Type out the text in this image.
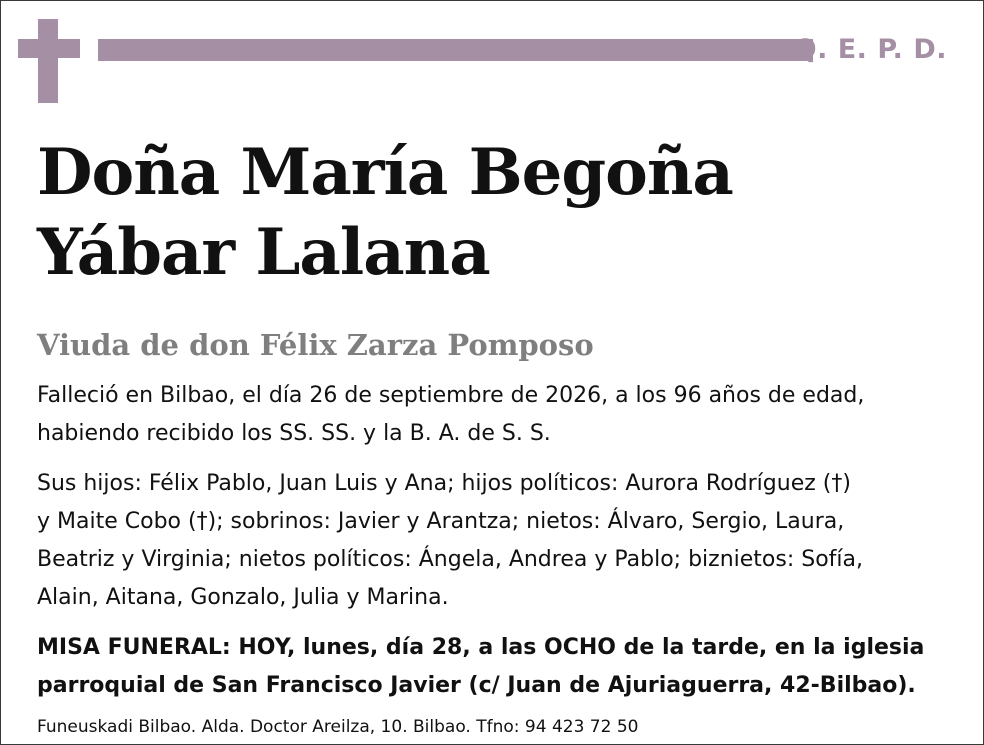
Q. E. P. D.
Doña María Begoña
Yábar Lalana
Viuda de don Félix Zarza Pomposo
Falleció en Bilbao, el día 26 de septiembre de 2026, a los 96 años de edad,
habiendo recibido los SS. SS. y la B. A. de S. S.
Sus hijos: Félix Pablo, Juan Luis y Ana; hijos políticos: Aurora Rodríguez (†)
y Maite Cobo (†); sobrinos: Javier y Arantza; nietos: Álvaro, Sergio, Laura,
Beatriz y Virginia; nietos políticos: Ángela, Andrea y Pablo; biznietos: Sofía,
Alain, Aitana, Gonzalo, Julia y Marina.
MISA FUNERAL: HOY, lunes, día 28, a las OCHO de la tarde, en la iglesia
parroquial de San Francisco Javier (c/ Juan de Ajuriaguerra, 42-Bilbao).
Funeuskadi Bilbao. Alda. Doctor Areilza, 10. Bilbao. Tfno: 94 423 72 50
